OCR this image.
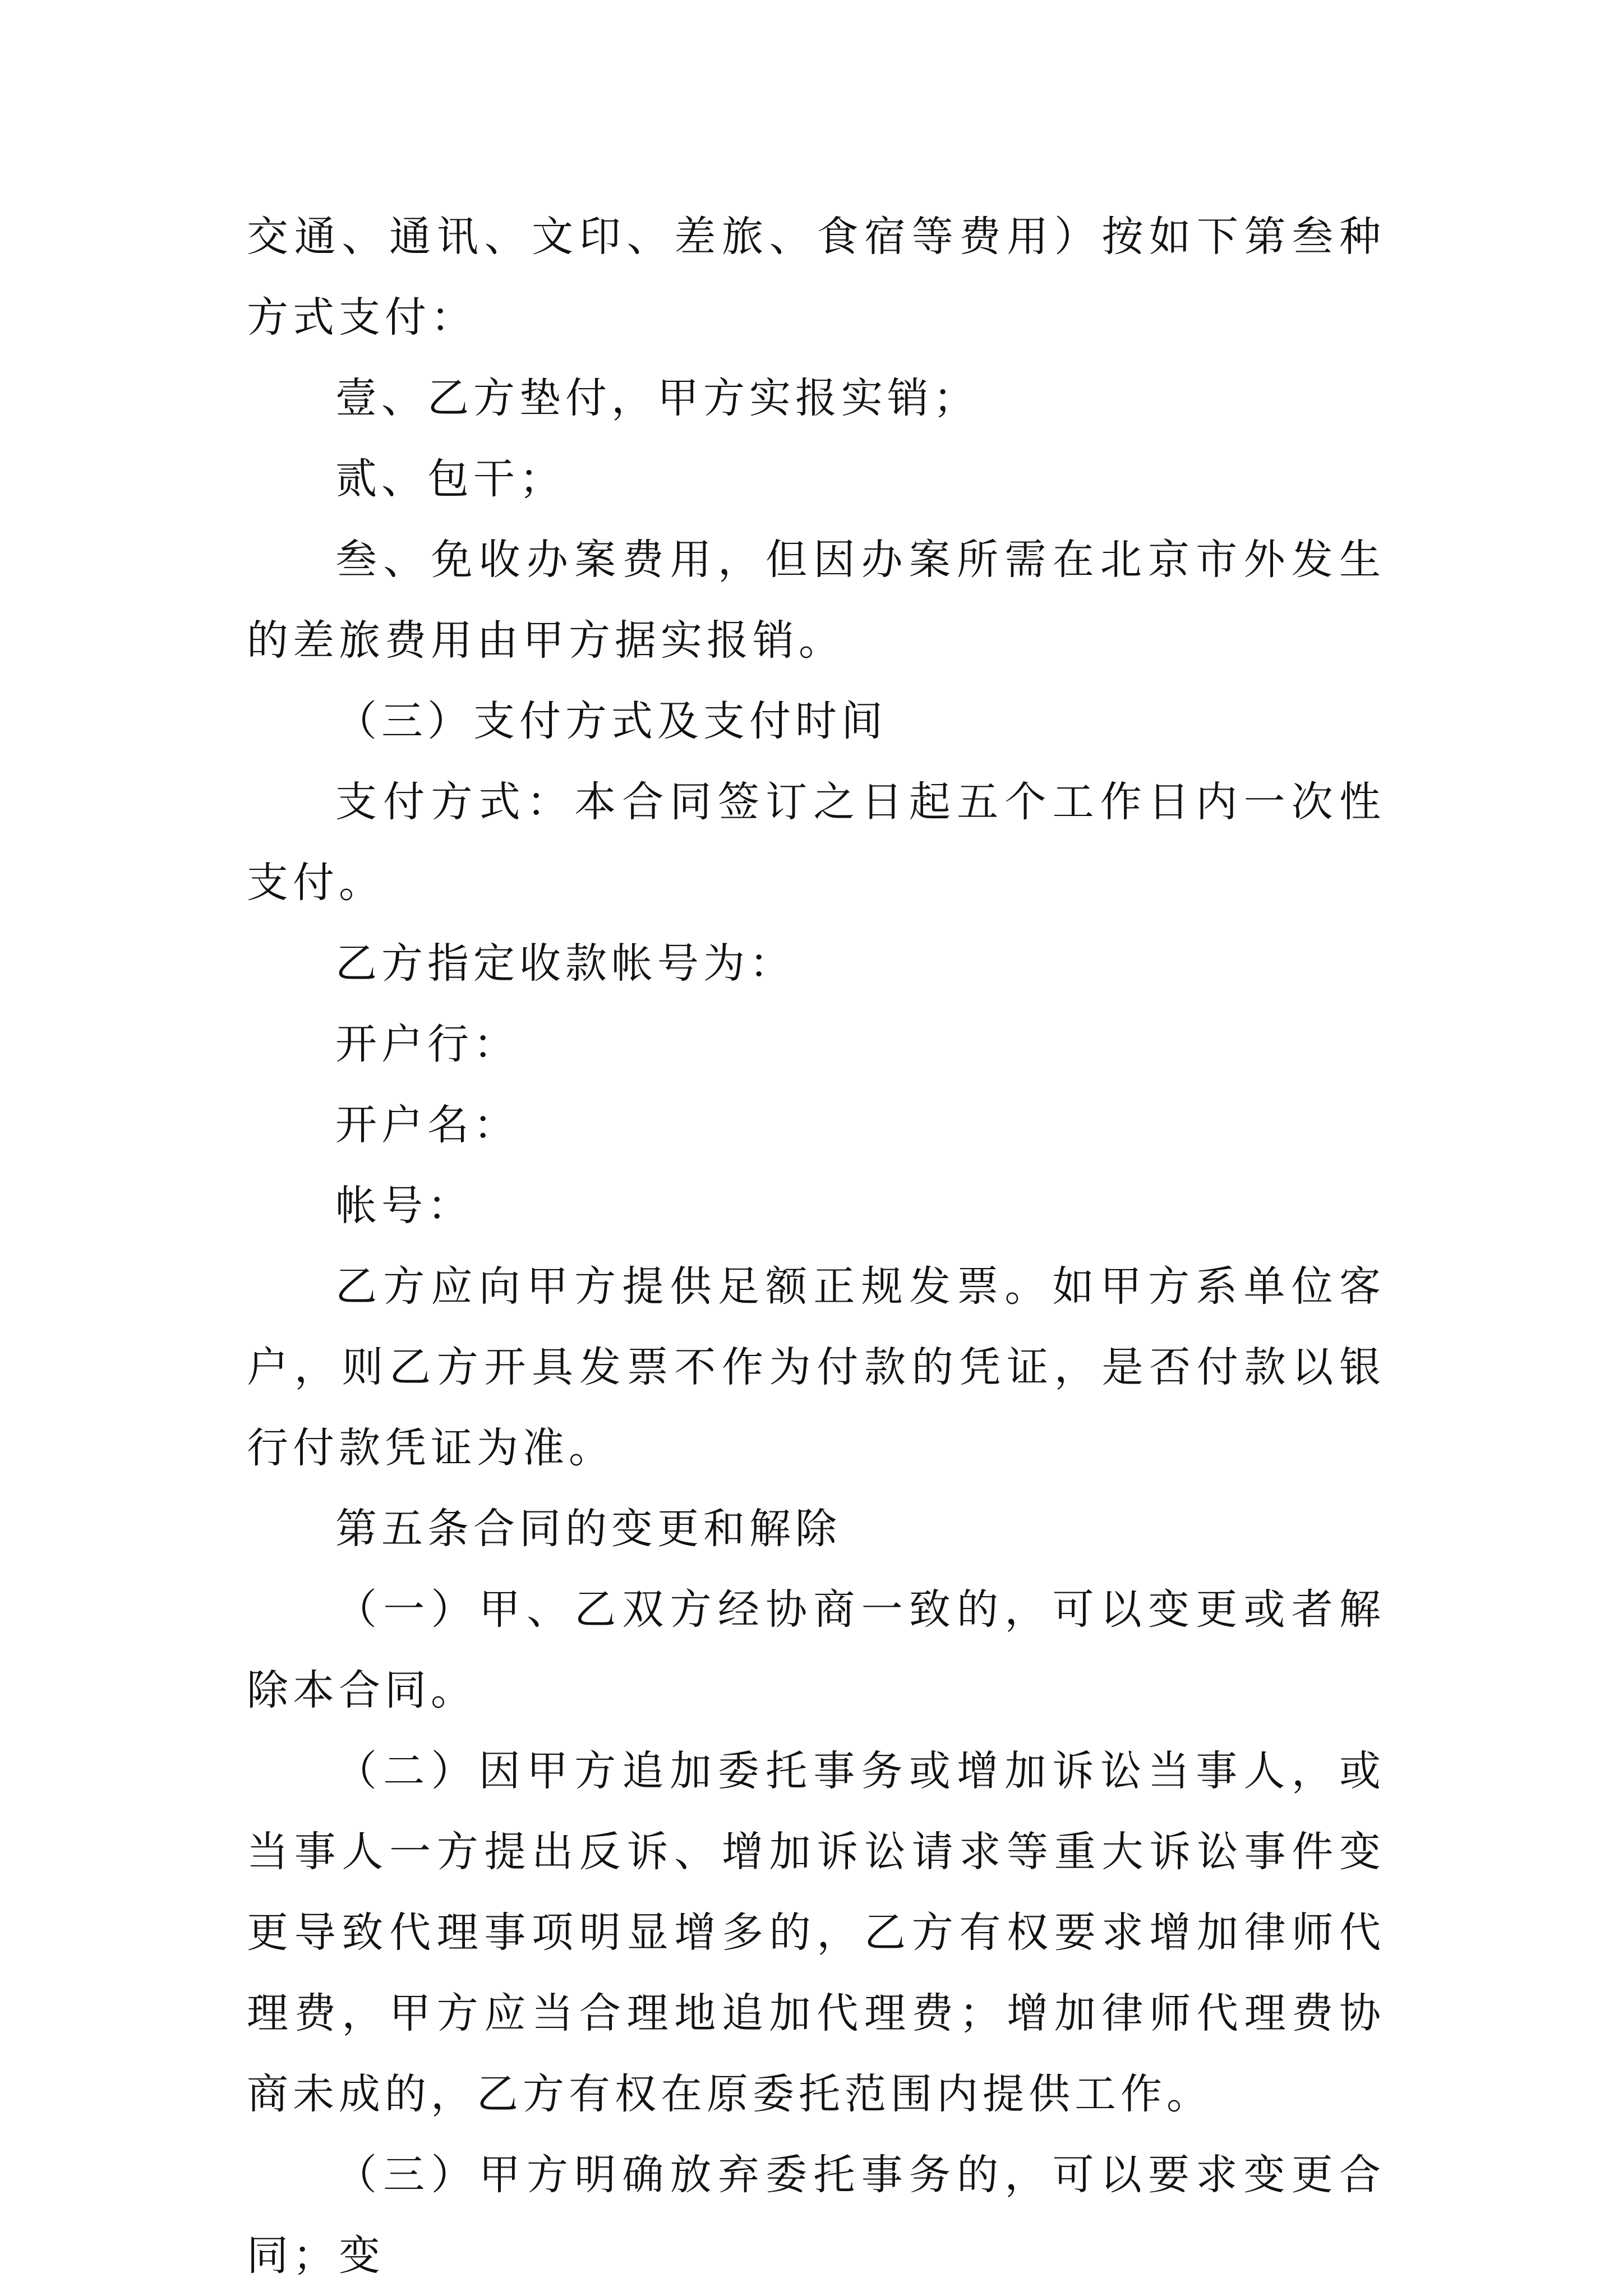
交通、通讯、文印、差旅、食宿等费用）按如下第叁种方式支付：

壹、乙方垫付，甲方实报实销；

贰、包干；

叁、免收办案费用，但因办案所需在北京市外发生的差旅费用由甲方据实报销。

（三）支付方式及支付时间

支付方式：本合同签订之日起五个工作日内一次性支付。

乙方指定收款帐号为：

开户行：

开户名：

帐号：

乙方应向甲方提供足额正规发票。如甲方系单位客户，则乙方开具发票不作为付款的凭证，是否付款以银行付款凭证为准。

第五条合同的变更和解除

（一）甲、乙双方经协商一致的，可以变更或者解除本合同。

（二）因甲方追加委托事务或增加诉讼当事人，或当事人一方提出反诉、增加诉讼请求等重大诉讼事件变更导致代理事项明显增多的，乙方有权要求增加律师代理费，甲方应当合理地追加代理费；增加律师代理费协商未成的，乙方有权在原委托范围内提供工作。

（三）甲方明确放弃委托事务的，可以要求变更合同；变
